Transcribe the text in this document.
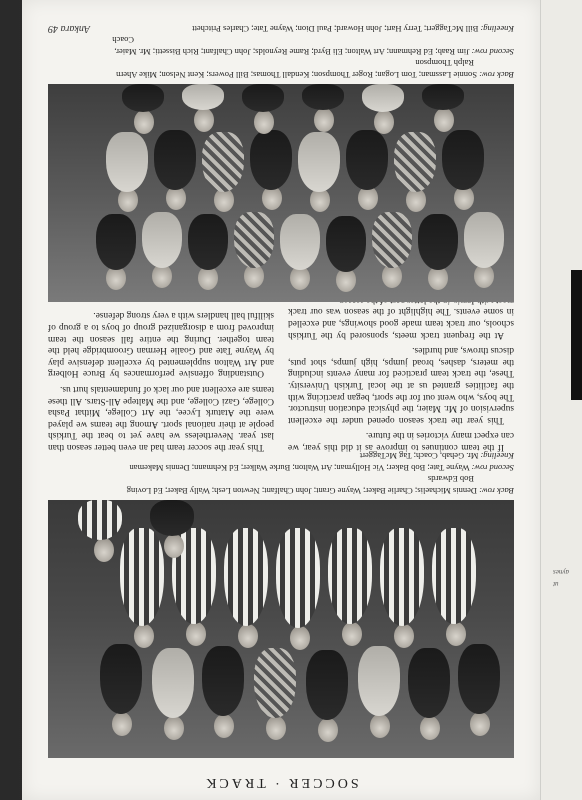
aynes
ut
SOCCER · TRACK
Back row: Dennis Michaelis; Charlie Baker; Wayne Grant; John Chalfant; Newton Lesh; Wally Baker; Ed Loving
Bob Edwards
Second row: Wayne Tate; Bob Baker; Vic Hollyman; Art Walton; Burke Walker; Ed Kehmann; Dennis Makeman
Kneeling: Mr. Gehab, Coach; Tag McTaggert

If the team continues to improve as it did this year, we can expect many victories in the future.

This year the track season opened under the excellent supervision of Mr. Maier, the physical education instructor. The boys, who went out for the sport, began practicing with the facilities granted us at the local Turkish University. These, the track team practiced for many events including the meters, dashes, broad jumps, high jumps, shot puts, discus throws, and hurdles.

At the frequent track meets, sponsored by the Turkish schools, our track team made good showings, and excelled in some events. The highlight of the season was our track

This year the soccer team had an even better season than last year. Nevertheless we have yet to beat the Turkish people at their national sport. Among the teams we played were the Ataturk Lycee, the Art College, Mithat Pasha College, Gazi College, and the Maltepe All-Stars. All these teams are excellent and our lack of fundamentals hurt us.

Outstanding offensive performances by Bruce Holberg and Art Walton supplemented by excellent defensive play by Wayne Tate and Goalie Herman Groombridge held the team together. During the entire fall season the team improved from a disorganized group of boys to a group of skillful ball handlers with a very strong defense.

Back row: Sonnie Lassman; Tom Logan; Roger Thompson; Kendall Thomas; Bill Powers; Kent Nelson; Mike Ahern
Ralph Thompson
Second row: Jim Raab; Ed Rehmann; Art Walton; Eli Byrd; Rame Reynolds; John Chalfant; Rich Bissetti; Mr. Maier,
Coach
Kneeling: Bill McTaggert; Terry Hart; John Howard; Paul Dion; Wayne Tate; Charles Pritchett
Ankara 49
